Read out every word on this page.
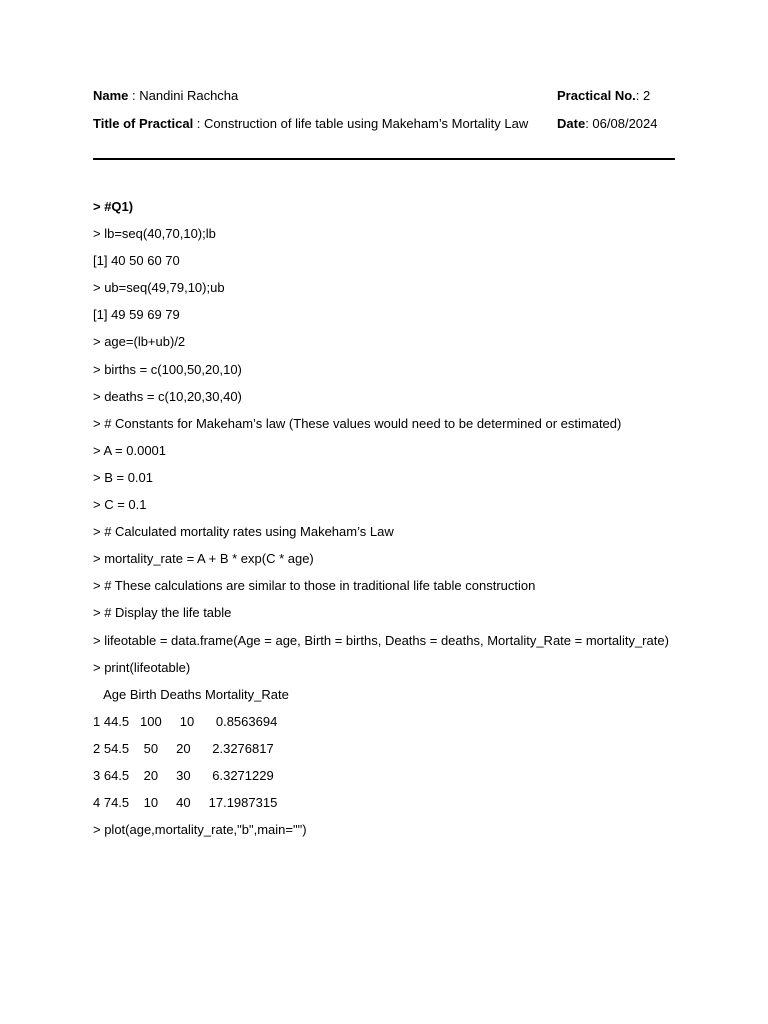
Name : Nandini Rachcha	Practical No.: 2
Title of Practical : Construction of life table using Makeham’s Mortality Law Date: 06/08/2024
> #Q1)
> lb=seq(40,70,10);lb
[1] 40 50 60 70
> ub=seq(49,79,10);ub
[1] 49 59 69 79
> age=(lb+ub)/2
> births = c(100,50,20,10)
> deaths = c(10,20,30,40)
> # Constants for Makeham’s law (These values would need to be determined or estimated)
> A = 0.0001
> B = 0.01
> C = 0.1
> # Calculated mortality rates using Makeham’s Law
> mortality_rate = A + B * exp(C * age)
> # These calculations are similar to those in traditional life table construction
> # Display the life table
> lifeotable = data.frame(Age = age, Birth = births, Deaths = deaths, Mortality_Rate = mortality_rate)
> print(lifeotable)
Age Birth Deaths Mortality_Rate
1 44.5   100     10      0.8563694
2 54.5    50     20      2.3276817
3 64.5    20     30      6.3271229
4 74.5    10     40     17.1987315
> plot(age,mortality_rate,"b",main="")
